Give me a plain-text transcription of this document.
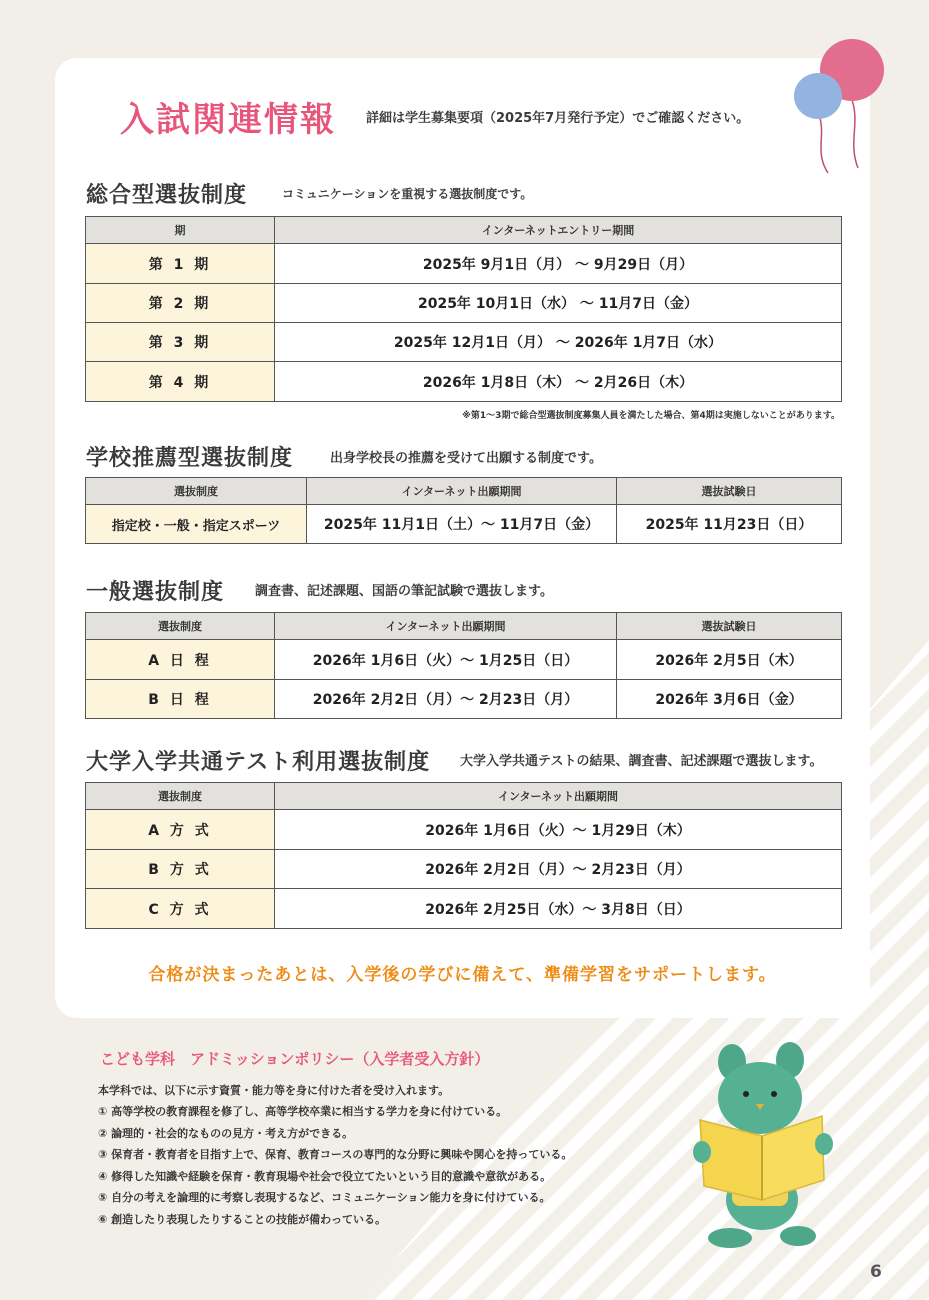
入試関連情報 詳細は学生募集要項（2025年7月発行予定）でご確認ください。
総合型選抜制度	コミュニケーションを重視する選抜制度です。
期	インターネットエントリー期間
第 1 期	2025年 9月1日（月） ～ 9月29日（月）
第 2 期	2025年 10月1日（水） ～ 11月7日（金）
第 3 期	2025年 12月1日（月） ～ 2026年 1月7日（水）
第 4 期	2026年 1月8日（木） ～ 2月26日（木）
※第1～3期で総合型選抜制度募集人員を満たした場合、第4期は実施しないことがあります。
学校推薦型選抜制度	出身学校長の推薦を受けて出願する制度です。
選抜制度	インターネット出願期間	選抜試験日
指定校・一般・指定スポーツ	2025年 11月1日（土）～ 11月7日（金）	2025年 11月23日（日）
一般選抜制度 調査書、記述課題、国語の筆記試験で選抜します。
選抜制度	インターネット出願期間	選抜試験日
A 日 程	2026年 1月6日（火）～ 1月25日（日）	2026年 2月5日（木）
B 日 程	2026年 2月2日（月）～ 2月23日（月）	2026年 3月6日（金）
大学入学共通テスト利用選抜制度 大学入学共通テストの結果、調査書、記述課題で選抜します。
選抜制度	インターネット出願期間
A 方 式	2026年 1月6日（火）～ 1月29日（木）
B 方 式	2026年 2月2日（月）～ 2月23日（月）
C 方 式	2026年 2月25日（水）～ 3月8日（日）
合格が決まったあとは、入学後の学びに備えて、準備学習をサポートします。
こども学科　アドミッションポリシー（入学者受入方針）
本学科では、以下に示す資質・能力等を身に付けた者を受け入れます。
① 高等学校の教育課程を修了し、高等学校卒業に相当する学力を身に付けている。
② 論理的・社会的なものの見方・考え方ができる。
③ 保育者・教育者を目指す上で、保育、教育コースの専門的な分野に興味や関心を持っている。
④ 修得した知識や経験を保育・教育現場や社会で役立てたいという目的意識や意欲がある。
⑤ 自分の考えを論理的に考察し表現するなど、コミュニケーション能力を身に付けている。
⑥ 創造したり表現したりすることの技能が備わっている。
6
